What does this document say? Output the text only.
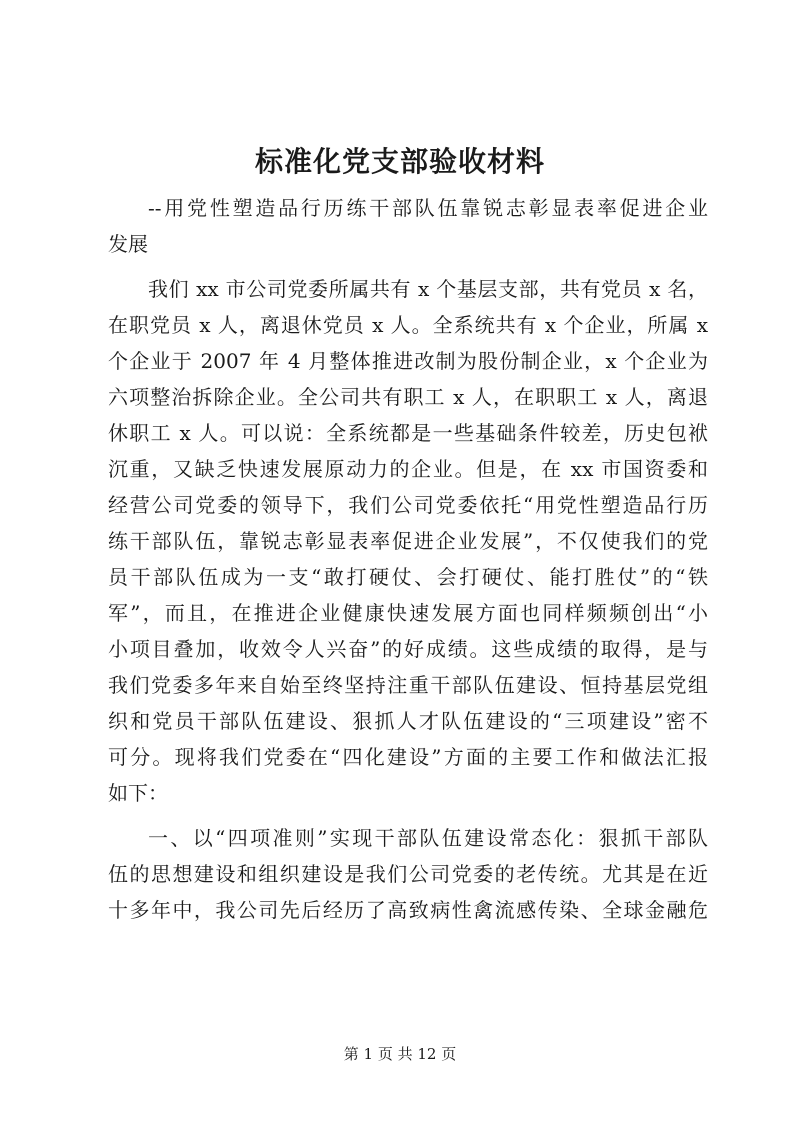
标准化党支部验收材料
--用党性塑造品行历练干部队伍靠锐志彰显表率促进企业
发展
我们 xx 市公司党委所属共有 x 个基层支部，共有党员 x 名，
在职党员 x 人，离退休党员 x 人。全系统共有 x 个企业，所属 x
个企业于 2007 年 4 月整体推进改制为股份制企业，x 个企业为
六项整治拆除企业。全公司共有职工 x 人，在职职工 x 人，离退
休职工 x 人。可以说：全系统都是一些基础条件较差，历史包袱
沉重，又缺乏快速发展原动力的企业。但是，在 xx 市国资委和
经营公司党委的领导下，我们公司党委依托“用党性塑造品行历
练干部队伍，靠锐志彰显表率促进企业发展”，不仅使我们的党
员干部队伍成为一支“敢打硬仗、会打硬仗、能打胜仗”的“铁
军”，而且，在推进企业健康快速发展方面也同样频频创出“小
小项目叠加，收效令人兴奋”的好成绩。这些成绩的取得，是与
我们党委多年来自始至终坚持注重干部队伍建设、恒持基层党组
织和党员干部队伍建设、狠抓人才队伍建设的“三项建设”密不
可分。现将我们党委在“四化建设”方面的主要工作和做法汇报
如下：
一、以“四项准则”实现干部队伍建设常态化：狠抓干部队
伍的思想建设和组织建设是我们公司党委的老传统。尤其是在近
十多年中，我公司先后经历了高致病性禽流感传染、全球金融危
第 1 页 共 12 页
